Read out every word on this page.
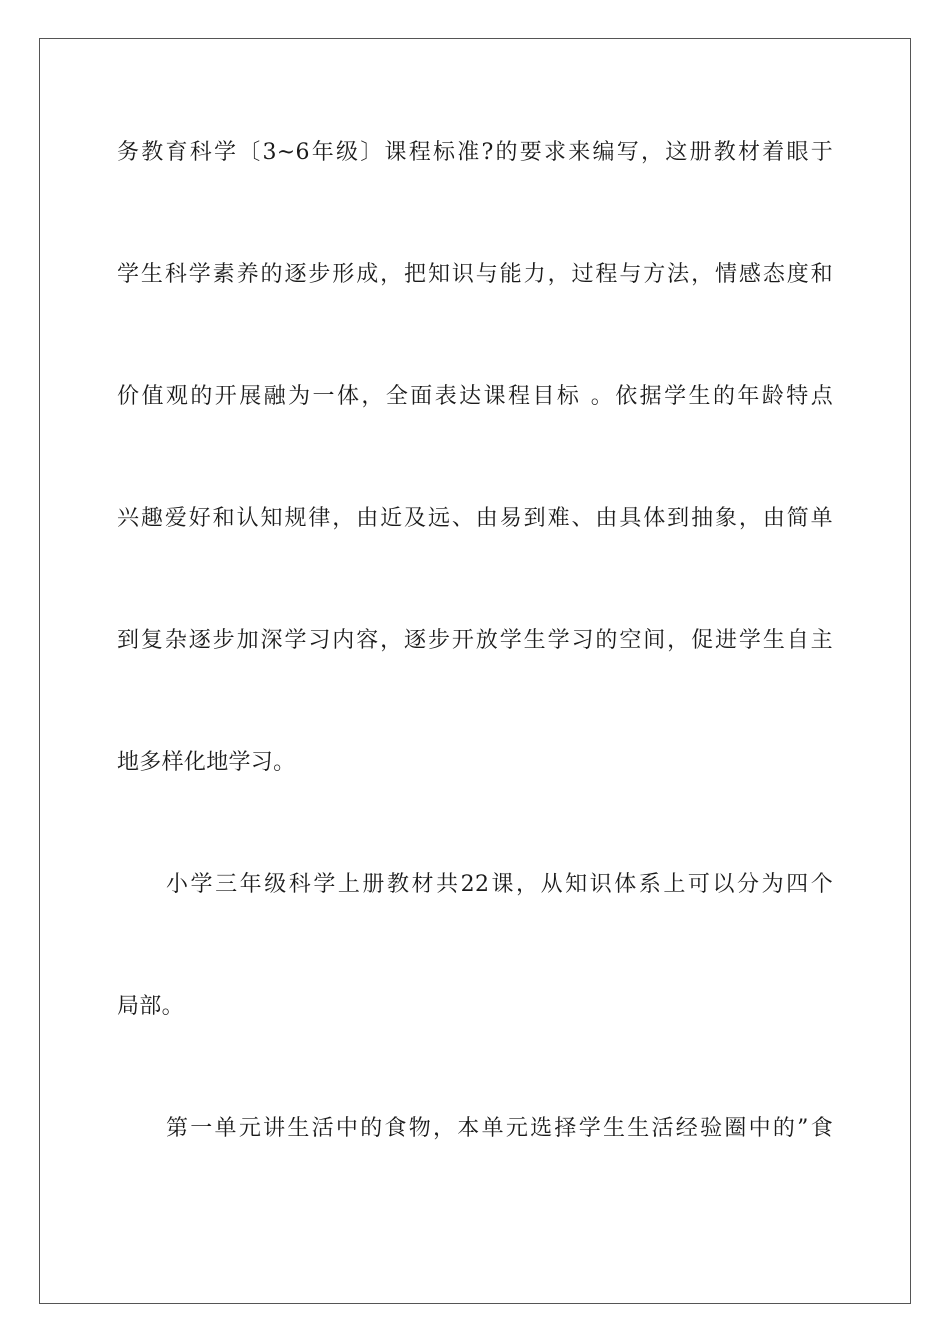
务教育科学〔3~6年级〕课程标准?的要求来编写，这册教材着眼于
学生科学素养的逐步形成，把知识与能力，过程与方法，情感态度和
价值观的开展融为一体，全面表达课程目标 。依据学生的年龄特点
兴趣爱好和认知规律，由近及远、由易到难、由具体到抽象，由简单
到复杂逐步加深学习内容，逐步开放学生学习的空间，促进学生自主
地多样化地学习。
小学三年级科学上册教材共22课，从知识体系上可以分为四个
局部。
第一单元讲生活中的食物，本单元选择学生生活经验圈中的”食
